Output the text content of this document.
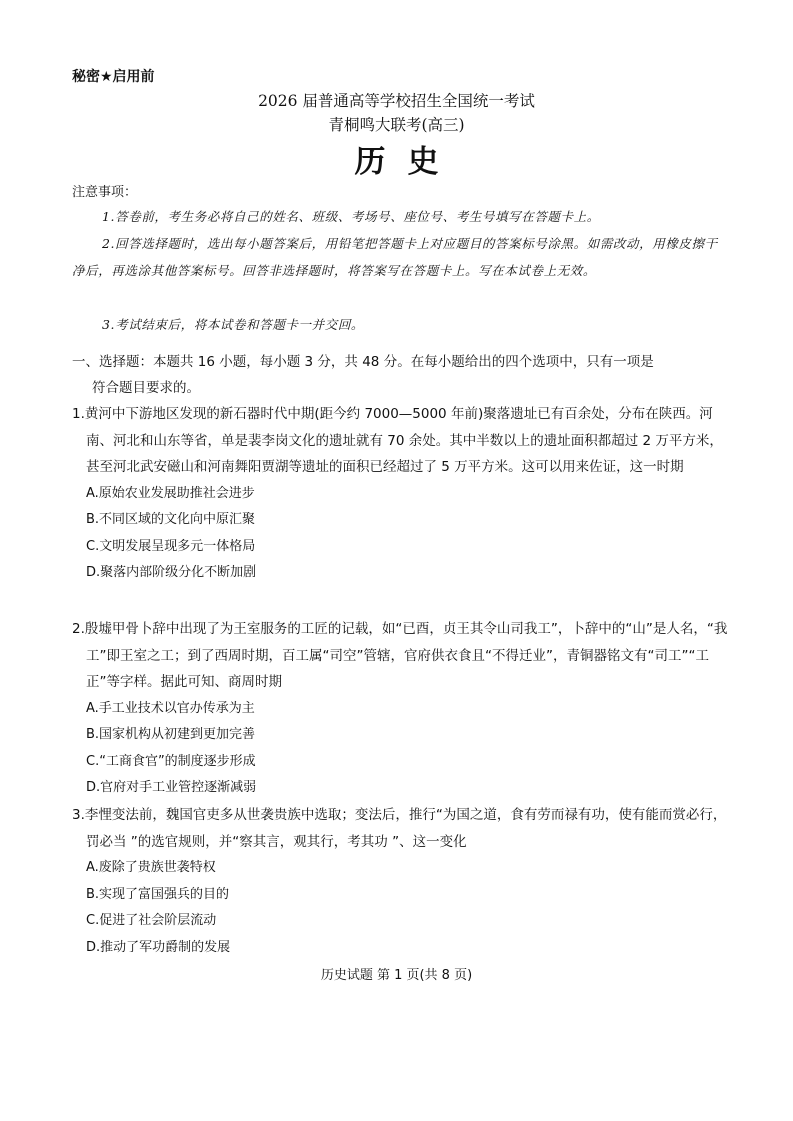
秘密★启用前
2026 届普通高等学校招生全国统一考试
青桐鸣大联考(高三)
历史
注意事项：
1.答卷前，考生务必将自己的姓名、班级、考场号、座位号、考生号填写在答题卡上。
2.回答选择题时，选出每小题答案后，用铅笔把答题卡上对应题目的答案标号涂黑。如需改动，用橡皮擦干净后，再选涂其他答案标号。回答非选择题时，将答案写在答题卡上。写在本试卷上无效。
3.考试结束后，将本试卷和答题卡一并交回。
一、选择题：本题共 16 小题，每小题 3 分，共 48 分。在每小题给出的四个选项中，只有一项是
符合题目要求的。
1.黄河中下游地区发现的新石器时代中期(距今约 7000—5000 年前)聚落遗址已有百余处，分布在陕西。河南、河北和山东等省，单是裴李岗文化的遗址就有 70 余处。其中半数以上的遗址面积都超过 2 万平方米，甚至河北武安磁山和河南舞阳贾湖等遗址的面积已经超过了 5 万平方米。这可以用来佐证，这一时期
A.原始农业发展助推社会进步
B.不同区域的文化向中原汇聚
C.文明发展呈现多元一体格局
D.聚落内部阶级分化不断加剧
2.殷墟甲骨卜辞中出现了为王室服务的工匠的记载，如“已酉，贞王其令山司我工”，卜辞中的“山”是人名，“我工”即王室之工；到了西周时期，百工属“司空”管辖，官府供衣食且“不得迁业”，青铜器铭文有“司工”“工正”等字样。据此可知、商周时期
A.手工业技术以官办传承为主
B.国家机构从初建到更加完善
C.“工商食官”的制度逐步形成
D.官府对手工业管控逐渐减弱
3.李悝变法前，魏国官吏多从世袭贵族中选取；变法后，推行“为国之道，食有劳而禄有功，使有能而赏必行，罚必当 ”的选官规则，并“察其言，观其行，考其功 ”、这一变化
A.废除了贵族世袭特权
B.实现了富国强兵的目的
C.促进了社会阶层流动
D.推动了军功爵制的发展
历史试题 第 1 页(共 8 页)
